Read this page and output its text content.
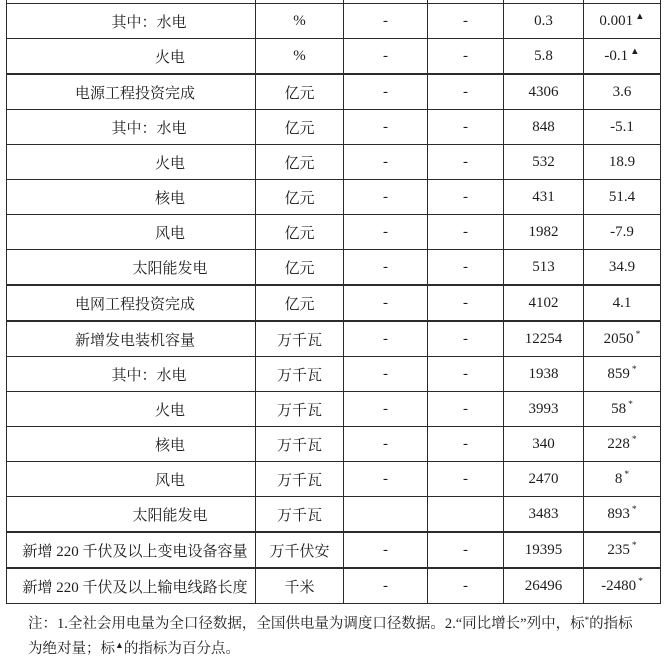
其中：水电	%	-	-	0.3	0.001 ▲
火电	%	-	-	5.8	-0.1 ▲
电源工程投资完成	亿元	-	-	4306	3.6
其中：水电	亿元	-	-	848	-5.1
火电	亿元	-	-	532	18.9
核电	亿元	-	-	431	51.4
风电	亿元	-	-	1982	-7.9
太阳能发电	亿元	-	-	513	34.9
电网工程投资完成	亿元	-	-	4102	4.1
新增发电装机容量	万千瓦	-	-	12254	2050 *
其中：水电	万千瓦	-	-	1938	859 *
火电	万千瓦	-	-	3993	58 *
核电	万千瓦	-	-	340	228 *
风电	万千瓦	-	-	2470	8 *
太阳能发电	万千瓦			3483	893 *
新增 220 千伏及以上变电设备容量	万千伏安	-	-	19395	235 *
新增 220 千伏及以上输电线路长度	千米	-	-	26496	-2480 *
注：1.全社会用电量为全口径数据，全国供电量为调度口径数据。2.“同比增长”列中，标*的指标
为绝对量；标▲的指标为百分点。
